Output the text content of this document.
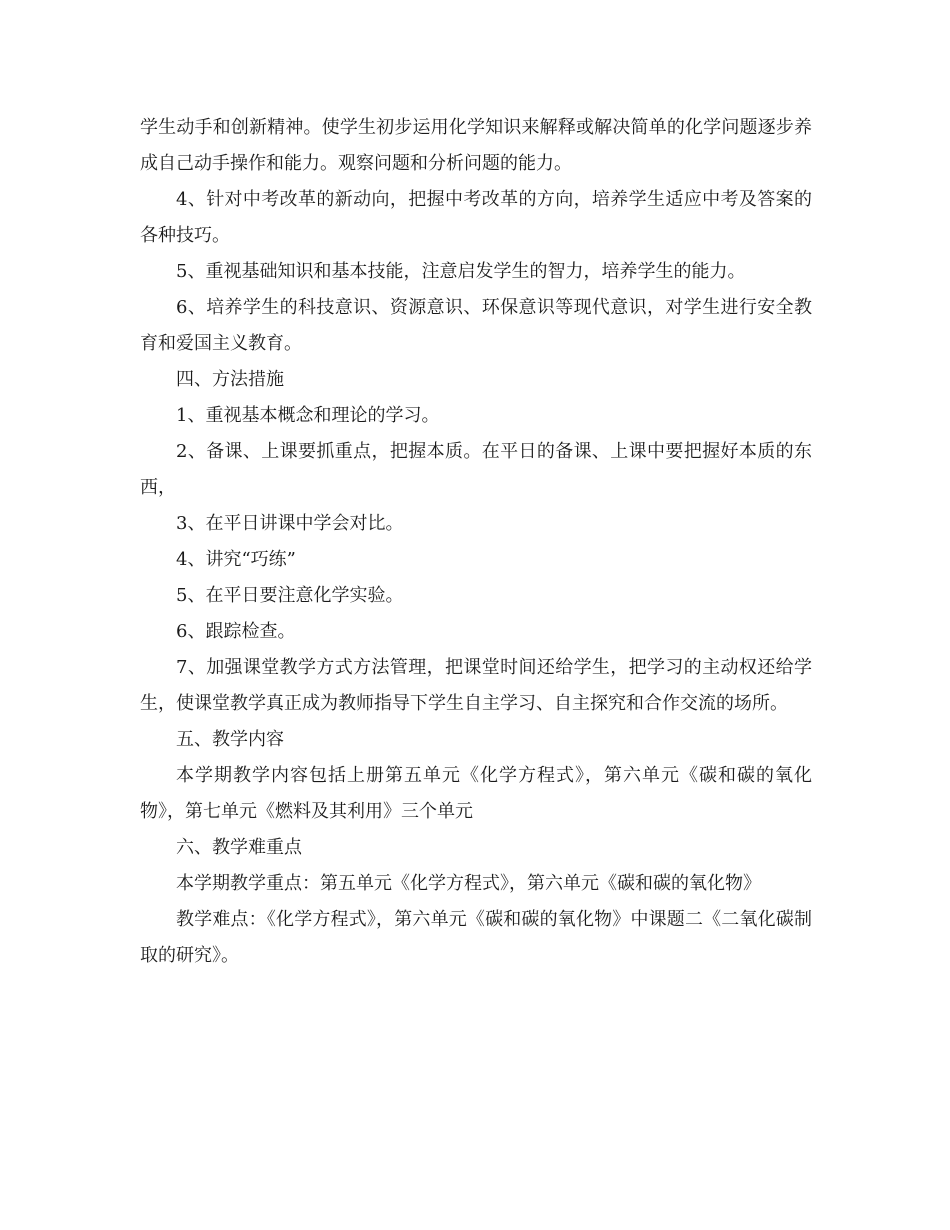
学生动手和创新精神。使学生初步运用化学知识来解释或解决简单的化学问题逐步养成自己动手操作和能力。观察问题和分析问题的能力。

4、针对中考改革的新动向，把握中考改革的方向，培养学生适应中考及答案的各种技巧。

5、重视基础知识和基本技能，注意启发学生的智力，培养学生的能力。

6、培养学生的科技意识、资源意识、环保意识等现代意识，对学生进行安全教育和爱国主义教育。

四、方法措施

1、重视基本概念和理论的学习。

2、备课、上课要抓重点，把握本质。在平日的备课、上课中要把握好本质的东西，

3、在平日讲课中学会对比。

4、讲究“巧练”

5、在平日要注意化学实验。

6、跟踪检查。

7、加强课堂教学方式方法管理，把课堂时间还给学生，把学习的主动权还给学生，使课堂教学真正成为教师指导下学生自主学习、自主探究和合作交流的场所。

五、教学内容

本学期教学内容包括上册第五单元《化学方程式》，第六单元《碳和碳的氧化物》，第七单元《燃料及其利用》三个单元

六、教学难重点

本学期教学重点：第五单元《化学方程式》，第六单元《碳和碳的氧化物》

教学难点：《化学方程式》，第六单元《碳和碳的氧化物》中课题二《二氧化碳制取的研究》。
